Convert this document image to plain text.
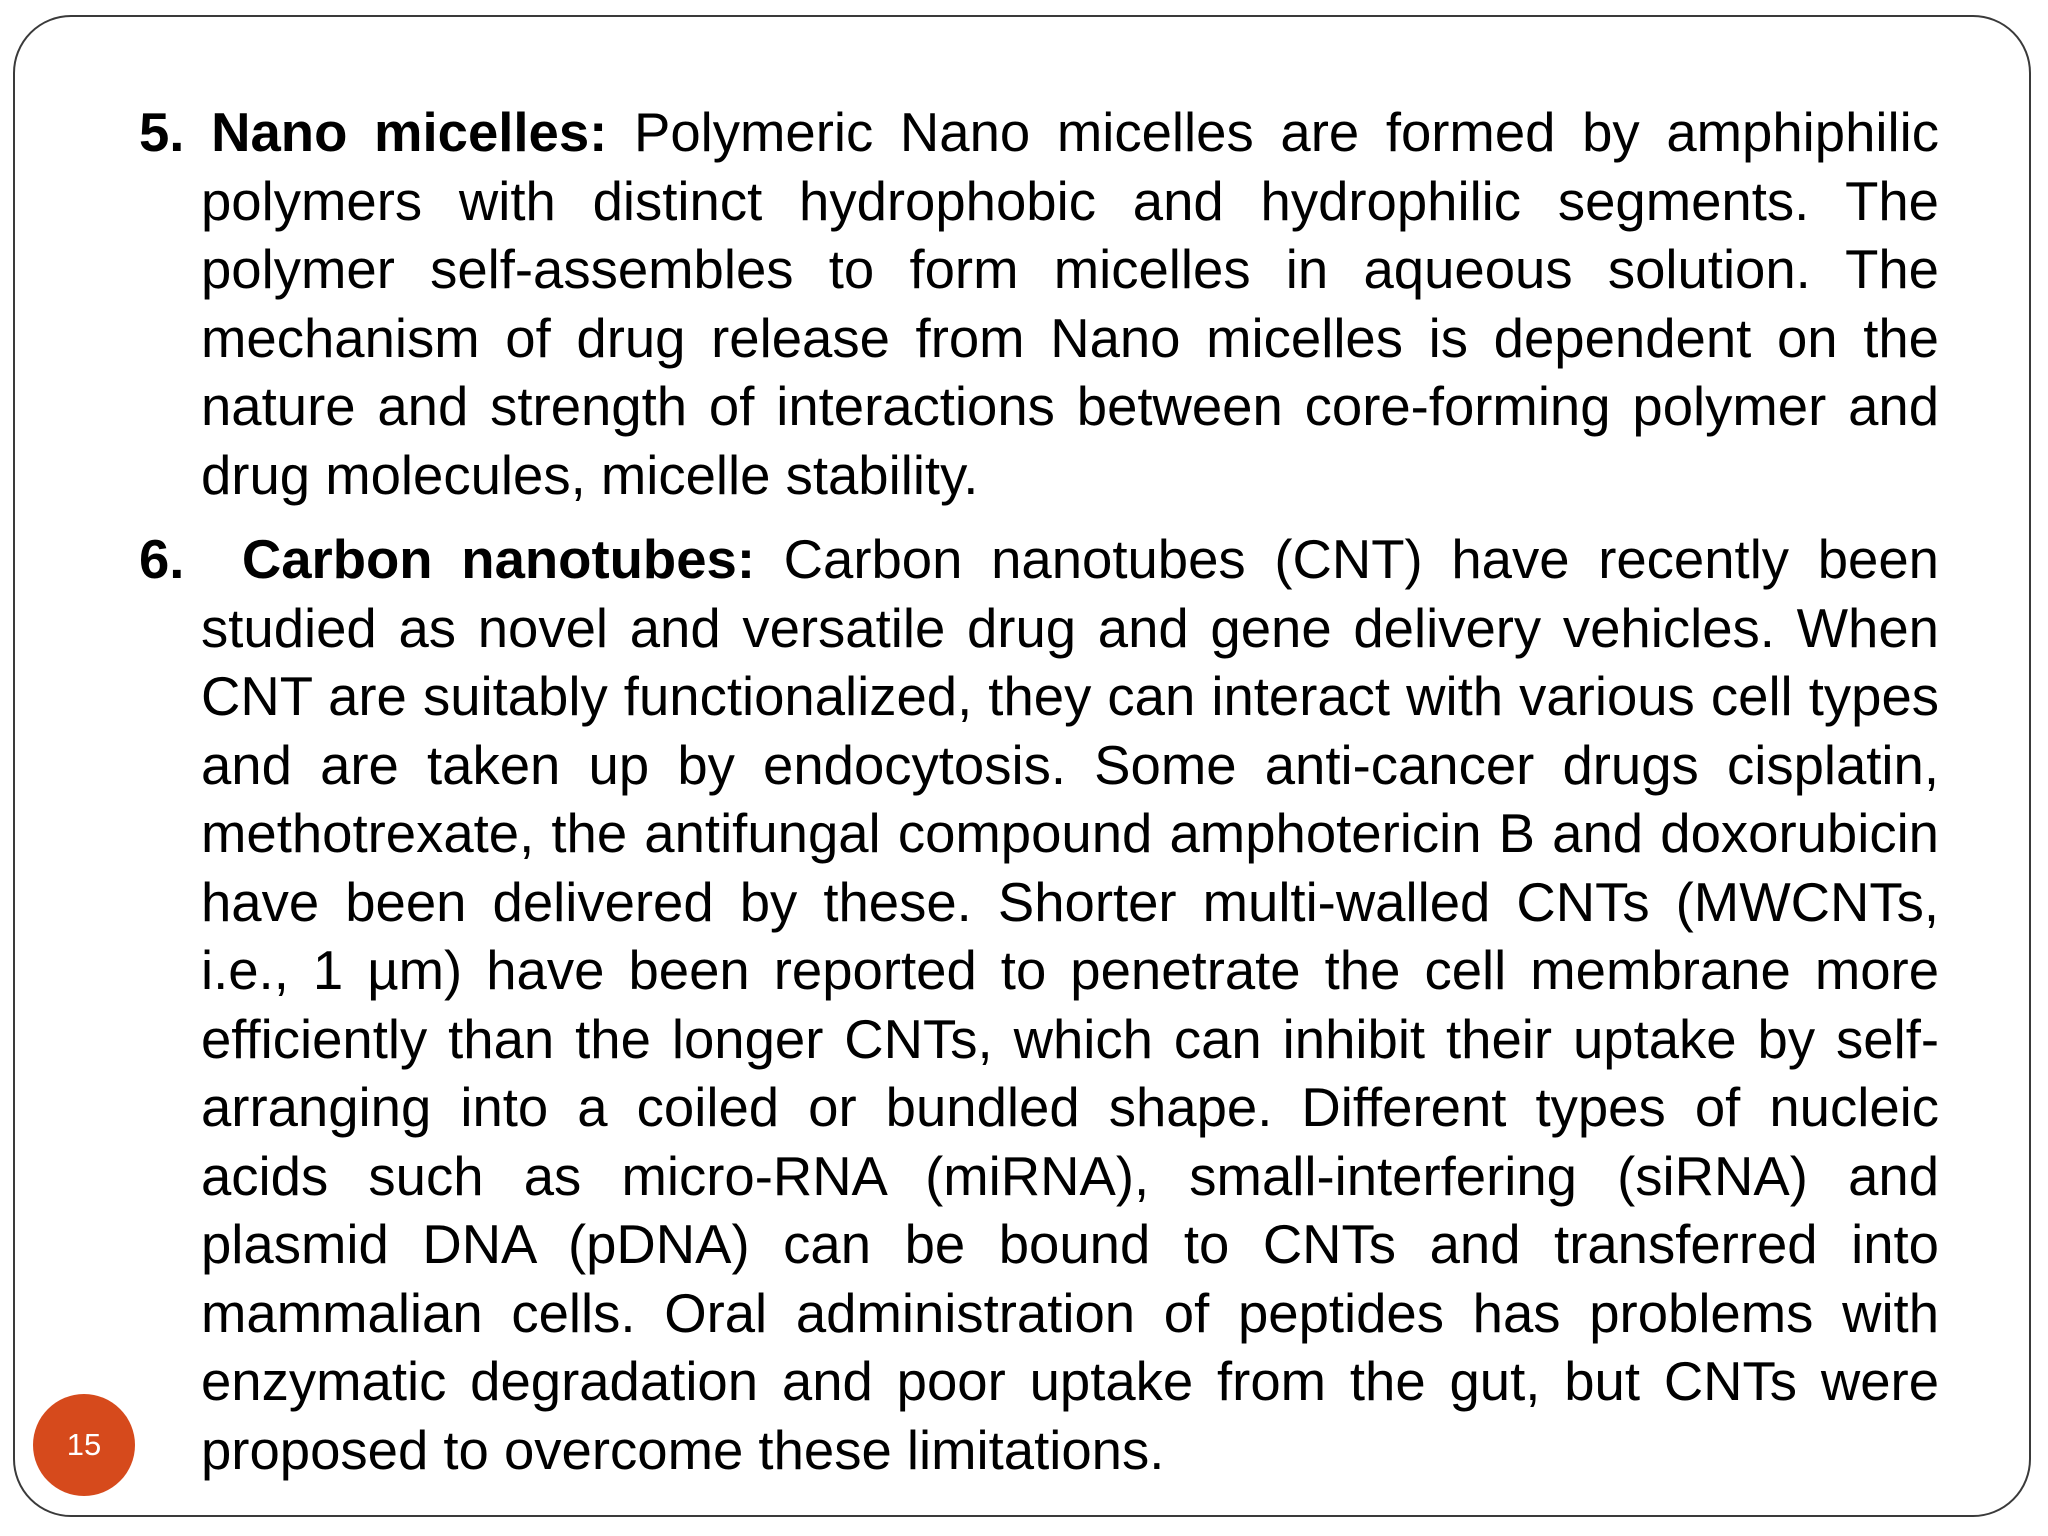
5. Nano micelles: Polymeric Nano micelles are formed by amphiphilic polymers with distinct hydrophobic and hydrophilic segments. The polymer self-assembles to form micelles in aqueous solution. The mechanism of drug release from Nano micelles is dependent on the nature and strength of interactions between core-forming polymer and drug molecules, micelle stability.

6. Carbon nanotubes: Carbon nanotubes (CNT) have recently been studied as novel and versatile drug and gene delivery vehicles. When CNT are suitably functionalized, they can interact with various cell types and are taken up by endocytosis. Some anti-cancer drugs cisplatin, methotrexate, the antifungal compound amphotericin B and doxorubicin have been delivered by these. Shorter multi-walled CNTs (MWCNTs, i.e., 1 µm) have been reported to penetrate the cell membrane more efficiently than the longer CNTs, which can inhibit their uptake by self-arranging into a coiled or bundled shape. Different types of nucleic acids such as micro-RNA (miRNA), small-interfering (siRNA) and plasmid DNA (pDNA) can be bound to CNTs and transferred into mammalian cells. Oral administration of peptides has problems with enzymatic degradation and poor uptake from the gut, but CNTs were proposed to overcome these limitations.

15
